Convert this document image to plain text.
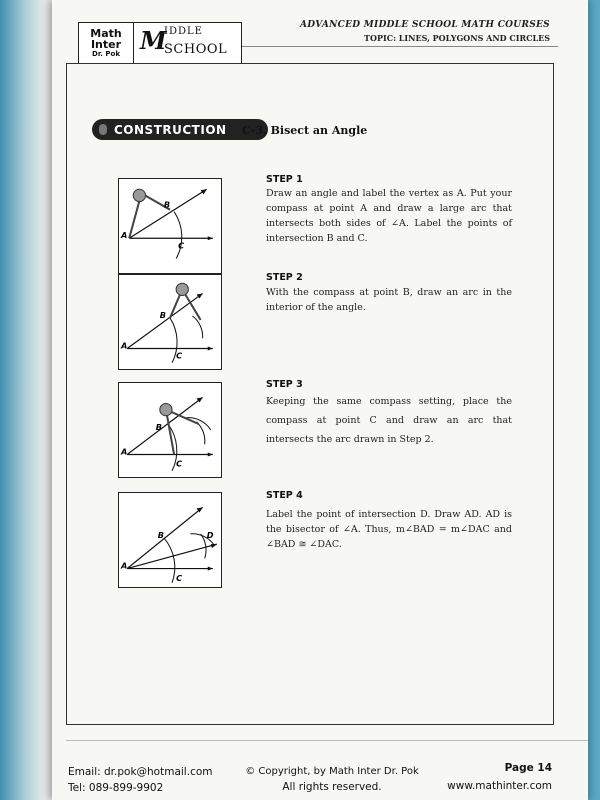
Math
Inter
Dr. Pok M
IDDLE
SCHOOL
ADVANCED MIDDLE SCHOOL MATH COURSES
TOPIC: LINES, POLYGONS AND CIRCLES
CONSTRUCTION	C-3. Bisect an Angle
A
B
C
STEP 1
Draw an angle and label the vertex as A. Put your compass at point A and draw a large arc that intersects both sides of ∠A. Label the points of intersection B and C.
A
B
C
STEP 2
With the compass at point B, draw an arc in the interior of the angle.
A
B
C
STEP 3
Keeping the same compass setting, place the compass at point C and draw an arc that intersects the arc drawn in Step 2.
A
B
C
D
STEP 4
Label the point of intersection D. Draw AD. AD is the bisector of ∠A. Thus, m∠BAD = m∠DAC and ∠BAD ≅ ∠DAC.
Email: dr.pok@hotmail.com
Tel: 089-899-9902
© Copyright, by Math Inter Dr. Pok
All rights reserved.
Page 14
www.mathinter.com
